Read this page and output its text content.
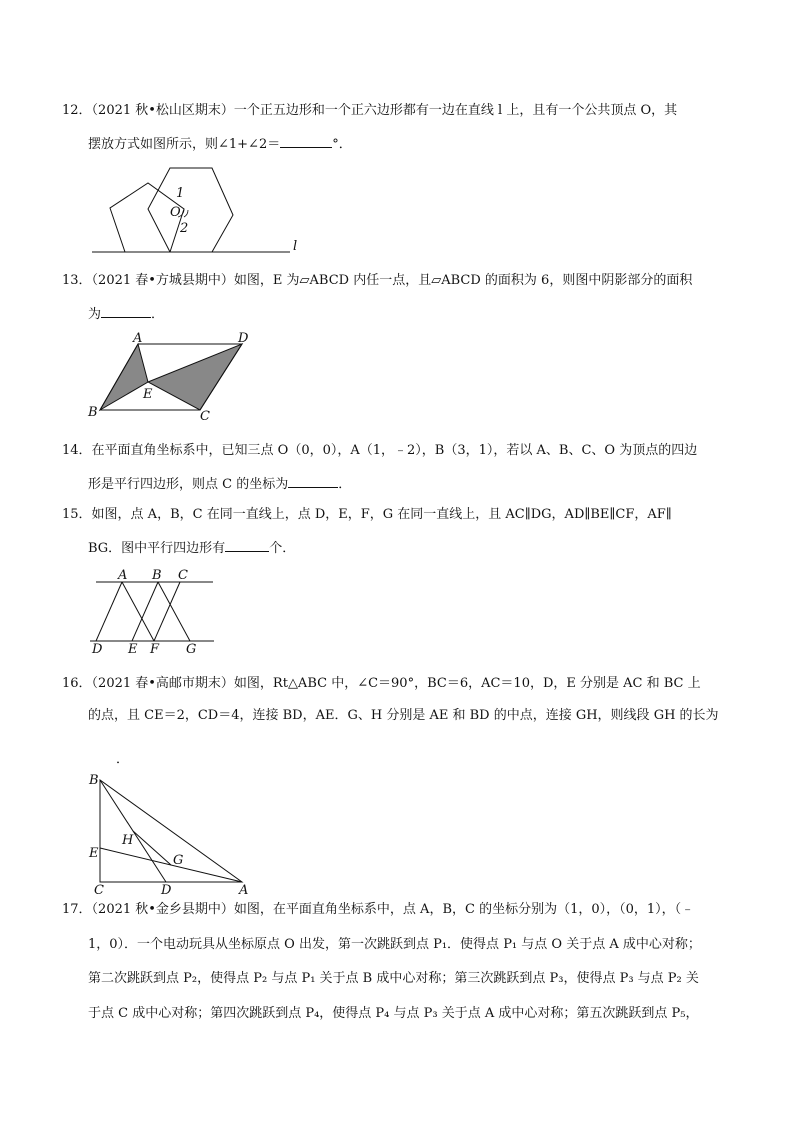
12．（2021 秋•松山区期末）一个正五边形和一个正六边形都有一边在直线 l 上，且有一个公共顶点 O，其
摆放方式如图所示，则∠1+∠2＝	°．
1
O
2
l
13．（2021 春•方城县期中）如图，E 为▱ABCD 内任一点，且▱ABCD 的面积为 6，则图中阴影部分的面积
为	．
A	D
E
B	C
14．在平面直角坐标系中，已知三点 O（0，0），A（1，﹣2），B（3，1），若以 A、B、C、O 为顶点的四边
形是平行四边形，则点 C 的坐标为	．
15．如图，点 A，B，C 在同一直线上，点 D，E，F，G 在同一直线上，且 AC∥DG，AD∥BE∥CF，AF∥
BG．图中平行四边形有	个．
A B C
D E F G
16．（2021 春•高邮市期末）如图，Rt△ABC 中，∠C＝90°，BC＝6，AC＝10，D，E 分别是 AC 和 BC 上
的点，且 CE＝2，CD＝4，连接 BD，AE．G、H 分别是 AE 和 BD 的中点，连接 GH，则线段 GH 的长为
．
B
H
E	G
C	D	A
17．（2021 秋•金乡县期中）如图，在平面直角坐标系中，点 A，B，C 的坐标分别为（1，0），（0，1），（﹣
1，0）．一个电动玩具从坐标原点 O 出发，第一次跳跃到点 P₁．使得点 P₁ 与点 O 关于点 A 成中心对称；
第二次跳跃到点 P₂，使得点 P₂ 与点 P₁ 关于点 B 成中心对称；第三次跳跃到点 P₃，使得点 P₃ 与点 P₂ 关
于点 C 成中心对称；第四次跳跃到点 P₄，使得点 P₄ 与点 P₃ 关于点 A 成中心对称；第五次跳跃到点 P₅，
